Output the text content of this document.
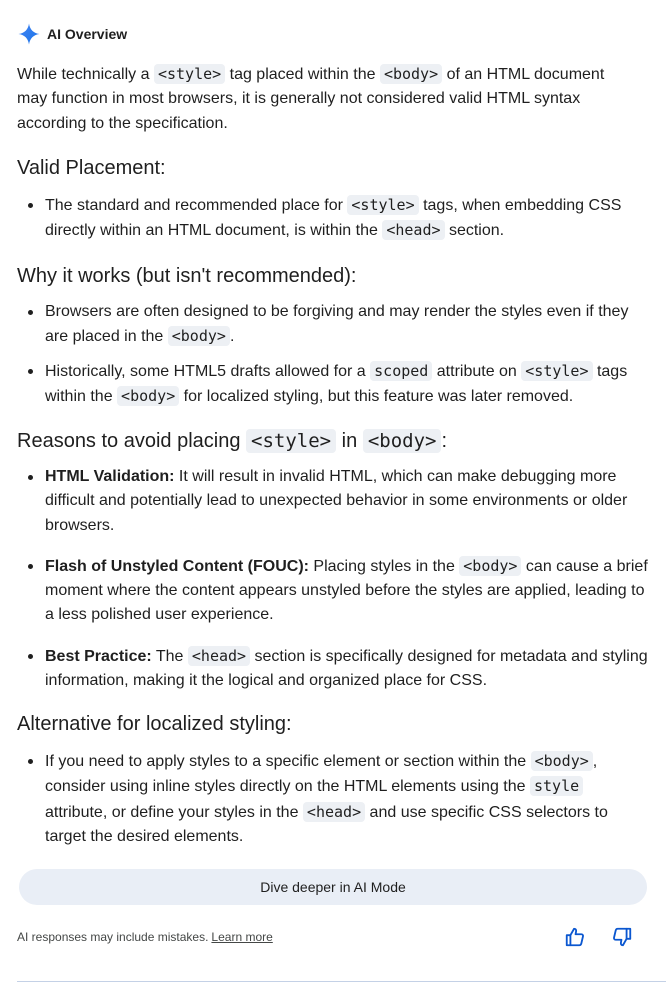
AI Overview

While technically a <style> tag placed within the <body> of an HTML document may function in most browsers, it is generally not considered valid HTML syntax according to the specification.

Valid Placement:
The standard and recommended place for <style> tags, when embedding CSS directly within an HTML document, is within the <head> section.
Why it works (but isn't recommended):
Browsers are often designed to be forgiving and may render the styles even if they are placed in the <body> .
Historically, some HTML5 drafts allowed for a scoped attribute on <style> tags within the <body> for localized styling, but this feature was later removed.
Reasons to avoid placing <style> in <body> :
HTML Validation: It will result in invalid HTML, which can make debugging more difficult and potentially lead to unexpected behavior in some environments or older browsers.
Flash of Unstyled Content (FOUC): Placing styles in the <body> can cause a brief moment where the content appears unstyled before the styles are applied, leading to a less polished user experience.
Best Practice: The <head> section is specifically designed for metadata and styling information, making it the logical and organized place for CSS.
Alternative for localized styling:
If you need to apply styles to a specific element or section within the <body> , consider using inline styles directly on the HTML elements using the style attribute, or define your styles in the <head> and use specific CSS selectors to target the desired elements.
Dive deeper in AI Mode
AI responses may include mistakes. Learn more
